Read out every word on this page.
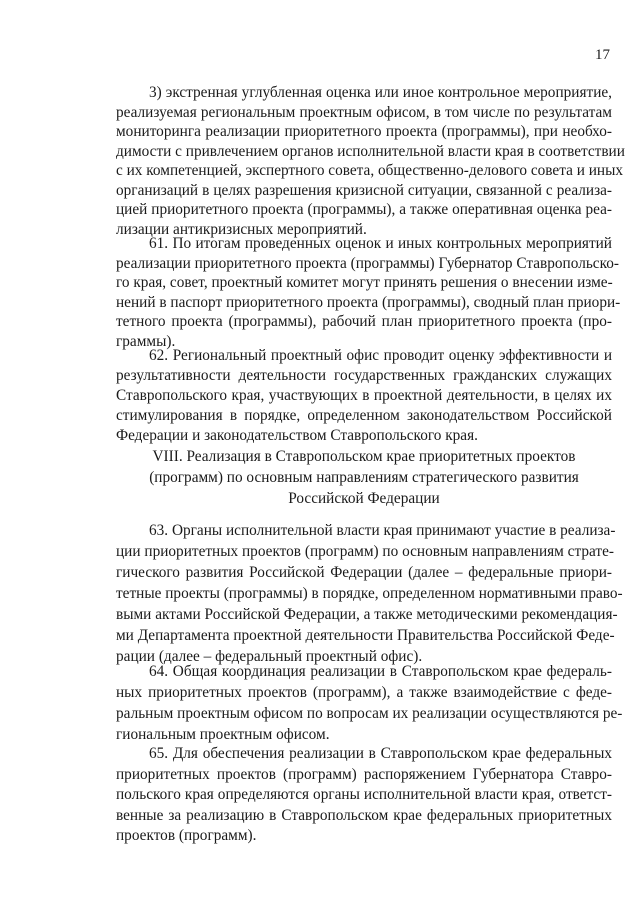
17
3) экстренная углубленная оценка или иное контрольное мероприятие,
реализуемая региональным проектным офисом, в том числе по результатам
мониторинга реализации приоритетного проекта (программы), при необхо-
димости с привлечением органов исполнительной власти края в соответствии
с их компетенцией, экспертного совета, общественно-делового совета и иных
организаций в целях разрешения кризисной ситуации, связанной с реализа-
цией приоритетного проекта (программы), а также оперативная оценка реа-
лизации антикризисных мероприятий.
61. По итогам проведенных оценок и иных контрольных мероприятий
реализации приоритетного проекта (программы) Губернатор Ставропольско-
го края, совет, проектный комитет могут принять решения о внесении изме-
нений в паспорт приоритетного проекта (программы), сводный план приори-
тетного проекта (программы), рабочий план приоритетного проекта (про-
граммы).
62. Региональный проектный офис проводит оценку эффективности и
результативности деятельности государственных гражданских служащих
Ставропольского края, участвующих в проектной деятельности, в целях их
стимулирования в порядке, определенном законодательством Российской
Федерации и законодательством Ставропольского края.
VIII. Реализация в Ставропольском крае приоритетных проектов
(программ) по основным направлениям стратегического развития
Российской Федерации
63. Органы исполнительной власти края принимают участие в реализа-
ции приоритетных проектов (программ) по основным направлениям страте-
гического развития Российской Федерации (далее – федеральные приори-
тетные проекты (программы) в порядке, определенном нормативными право-
выми актами Российской Федерации, а также методическими рекомендация-
ми Департамента проектной деятельности Правительства Российской Феде-
рации (далее – федеральный проектный офис).
64. Общая координация реализации в Ставропольском крае федераль-
ных приоритетных проектов (программ), а также взаимодействие с феде-
ральным проектным офисом по вопросам их реализации осуществляются ре-
гиональным проектным офисом.
65. Для обеспечения реализации в Ставропольском крае федеральных
приоритетных проектов (программ) распоряжением Губернатора Ставро-
польского края определяются органы исполнительной власти края, ответст-
венные за реализацию в Ставропольском крае федеральных приоритетных
проектов (программ).
